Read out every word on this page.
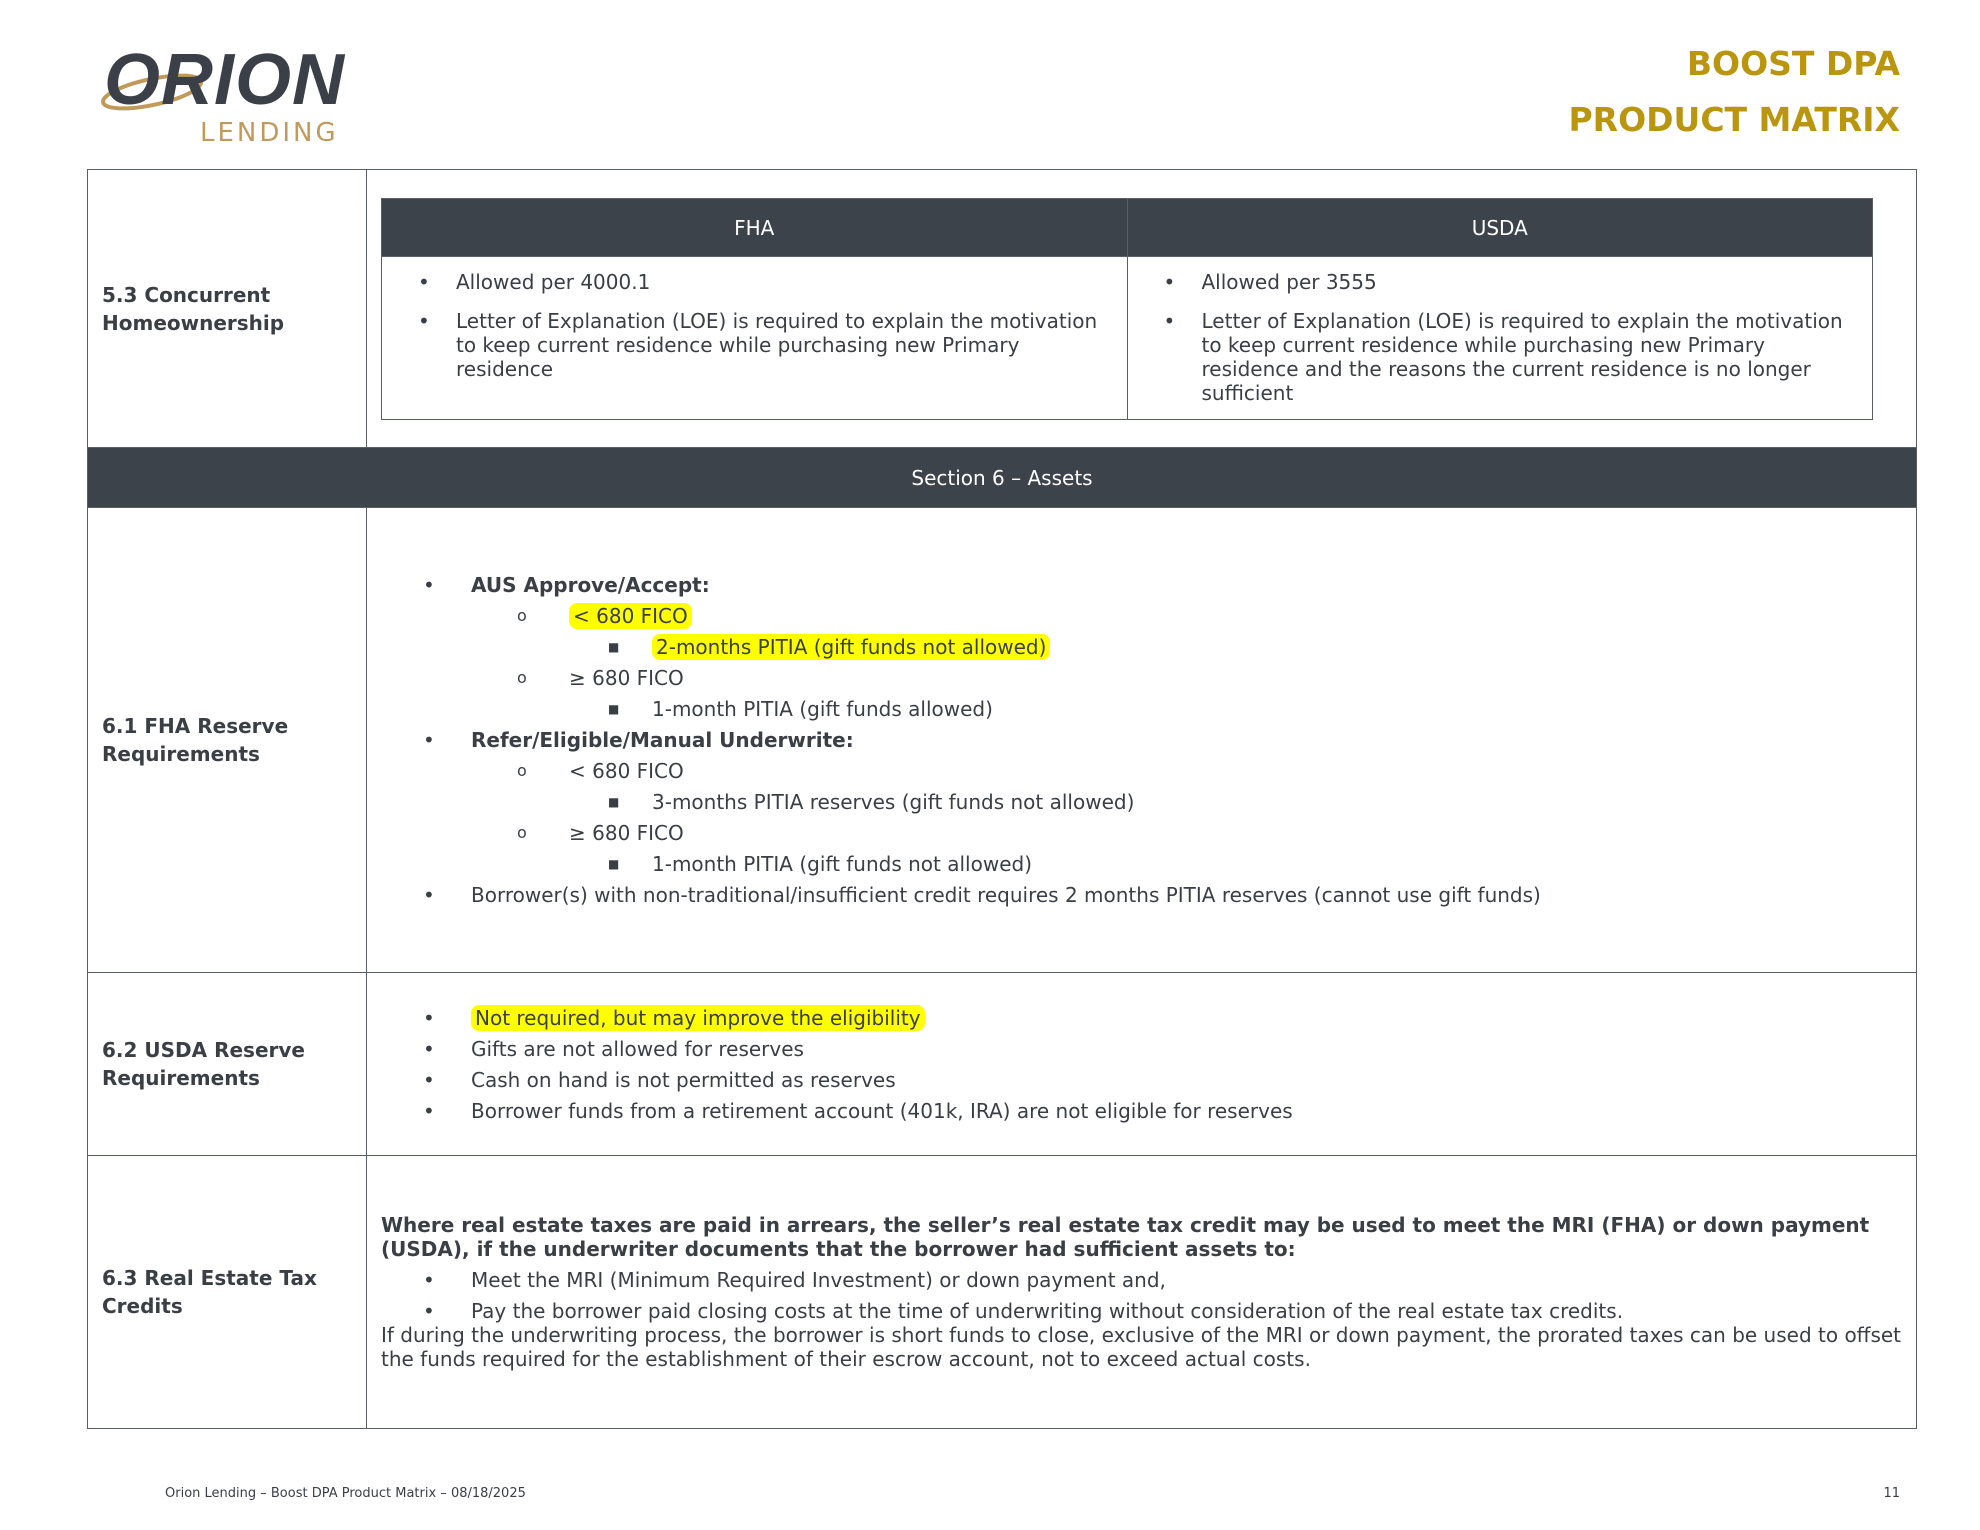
ORION
LENDING
BOOST DPA
PRODUCT MATRIX
5.3 Concurrent Homeownership	
FHA	USDA

• Allowed per 4000.1
• Letter of Explanation (LOE) is required to explain the motivation to keep current residence while purchasing new Primary residence

• Allowed per 3555
• Letter of Explanation (LOE) is required to explain the motivation to keep current residence while purchasing new Primary residence and the reasons the current residence is no longer sufficient

Section 6 – Assets
6.1 FHA Reserve Requirements	
• AUS Approve/Accept:
o < 680 FICO
■ 2-months PITIA (gift funds not allowed)
o ≥ 680 FICO
■ 1-month PITIA (gift funds allowed)
• Refer/Eligible/Manual Underwrite:
o < 680 FICO
■ 3-months PITIA reserves (gift funds not allowed)
o ≥ 680 FICO
■ 1-month PITIA (gift funds not allowed)
• Borrower(s) with non-traditional/insufficient credit requires 2 months PITIA reserves (cannot use gift funds)

6.2 USDA Reserve Requirements	
• Not required, but may improve the eligibility
• Gifts are not allowed for reserves
• Cash on hand is not permitted as reserves
• Borrower funds from a retirement account (401k, IRA) are not eligible for reserves

6.3 Real Estate Tax Credits	

Where real estate taxes are paid in arrears, the seller’s real estate tax credit may be used to meet the MRI (FHA) or down payment (USDA), if the underwriter documents that the borrower had sufficient assets to:

• Meet the MRI (Minimum Required Investment) or down payment and,
• Pay the borrower paid closing costs at the time of underwriting without consideration of the real estate tax credits.

If during the underwriting process, the borrower is short funds to close, exclusive of the MRI or down payment, the prorated taxes can be used to offset the funds required for the establishment of their escrow account, not to exceed actual costs.

Orion Lending – Boost DPA Product Matrix – 08/18/2025	11
